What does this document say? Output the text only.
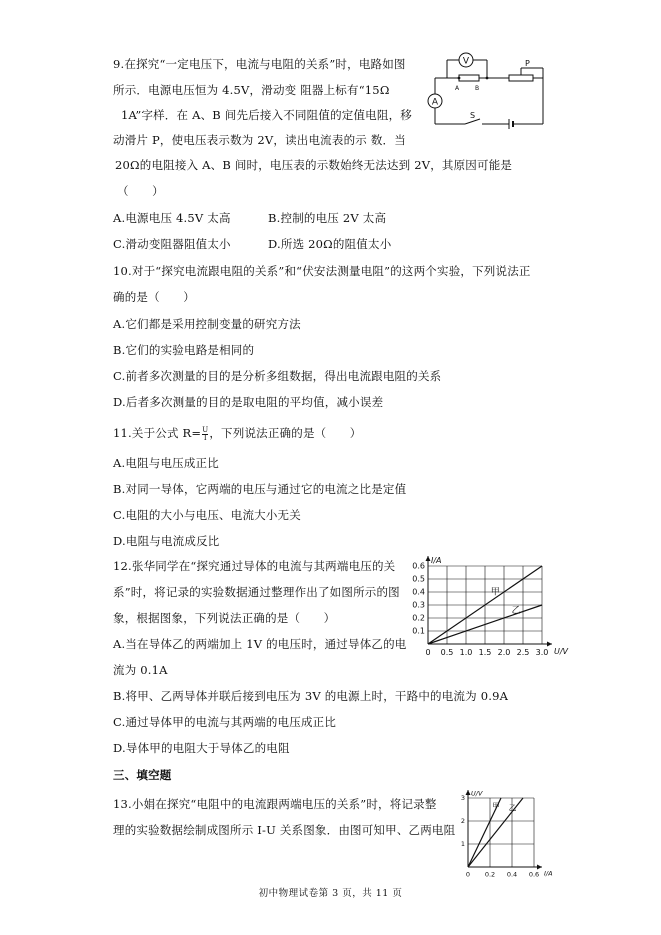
9.在探究“一定电压下，电流与电阻的关系”时，电路如图
所示．电源电压恒为 4.5V，滑动变 阻器上标有“15Ω
1A”字样．在 A、B 间先后接入不同阻值的定值电阻，移
动滑片 P，使电压表示数为 2V，读出电流表的示 数．当
20Ω的电阻接入 A、B 间时，电压表的示数始终无法达到 2V，其原因可能是
（　　）
A.电源电压 4.5V 太高	B.控制的电压 2V 太高
C.滑动变阻器阻值太小	D.所选 20Ω的阻值太小
V
A
A	B
P
S
10.对于“探究电流跟电阻的关系”和“伏安法测量电阻”的这两个实验，下列说法正
确的是（　　）
A.它们都是采用控制变量的研究方法
B.它们的实验电路是相同的
C.前者多次测量的目的是分析多组数据，得出电流跟电阻的关系
D.后者多次测量的目的是取电阻的平均值，减小误差
11.关于公式 $R= \frac{U}{I}$ ，下列说法正确的是（　　）
A.电阻与电压成正比
B.对同一导体，它两端的电压与通过它的电流之比是定值
C.电阻的大小与电压、电流大小无关
D.电阻与电流成反比
12.张华同学在“探究通过导体的电流与其两端电压的关
系”时，将记录的实验数据通过整理作出了如图所示的图
象，根据图象，下列说法正确的是（　　）
A.当在导体乙的两端加上 1V 的电压时，通过导体乙的电
流为 0.1A
B.将甲、乙两导体并联后接到电压为 3V 的电源上时，干路中的电流为 0.9A
C.通过导体甲的电流与其两端的电压成正比
D.导体甲的电阻大于导体乙的电阻
0 0.5 1.0 1.5 2.0 2.5 3.0
0.1
0.2
0.3
0.4
0.5
0.6
U/V
I/A
甲
乙
三、填空题
13.小娟在探究“电阻中的电流跟两端电压的关系”时，将记录整
理的实验数据绘制成图所示 I-U 关系图象．由图可知甲、乙两电阻
0 0.2 0.4 0.6
1
2
3
I/A
U/V
甲 乙
初中物理试卷第 3 页，共 11 页
